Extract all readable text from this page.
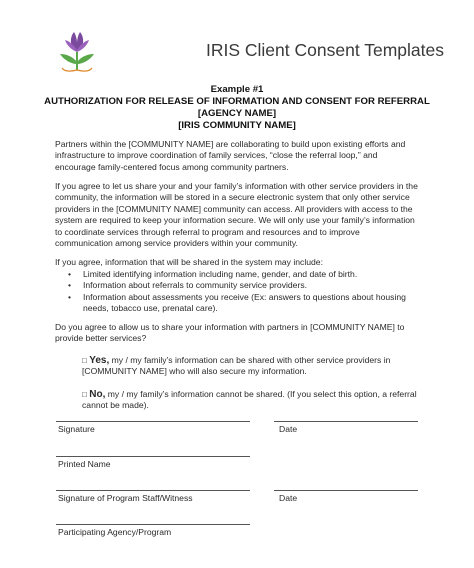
IRIS Client Consent Templates
Example #1
AUTHORIZATION FOR RELEASE OF INFORMATION AND CONSENT FOR REFERRAL
[AGENCY NAME]
[IRIS COMMUNITY NAME]
Partners within the [COMMUNITY NAME] are collaborating to build upon existing efforts and
infrastructure to improve coordination of family services, “close the referral loop,” and
encourage family-centered focus among community partners.
If you agree to let us share your and your family’s information with other service providers in the
community, the information will be stored in a secure electronic system that only other service
providers in the [COMMUNITY NAME] community can access. All providers with access to the
system are required to keep your information secure. We will only use your family’s information
to coordinate services through referral to program and resources and to improve
communication among service providers within your community.
If you agree, information that will be shared in the system may include:
• Limited identifying information including name, gender, and date of birth.
• Information about referrals to community service providers.
• Information about assessments you receive (Ex: answers to questions about housing
needs, tobacco use, prenatal care).
Do you agree to allow us to share your information with partners in [COMMUNITY NAME] to
provide better services?
□ Yes, my / my family’s information can be shared with other service providers in
[COMMUNITY NAME] who will also secure my information.
□ No, my / my family’s information cannot be shared. (If you select this option, a referral
cannot be made).
Signature	Date
Printed Name
Signature of Program Staff/Witness	Date
Participating Agency/Program
